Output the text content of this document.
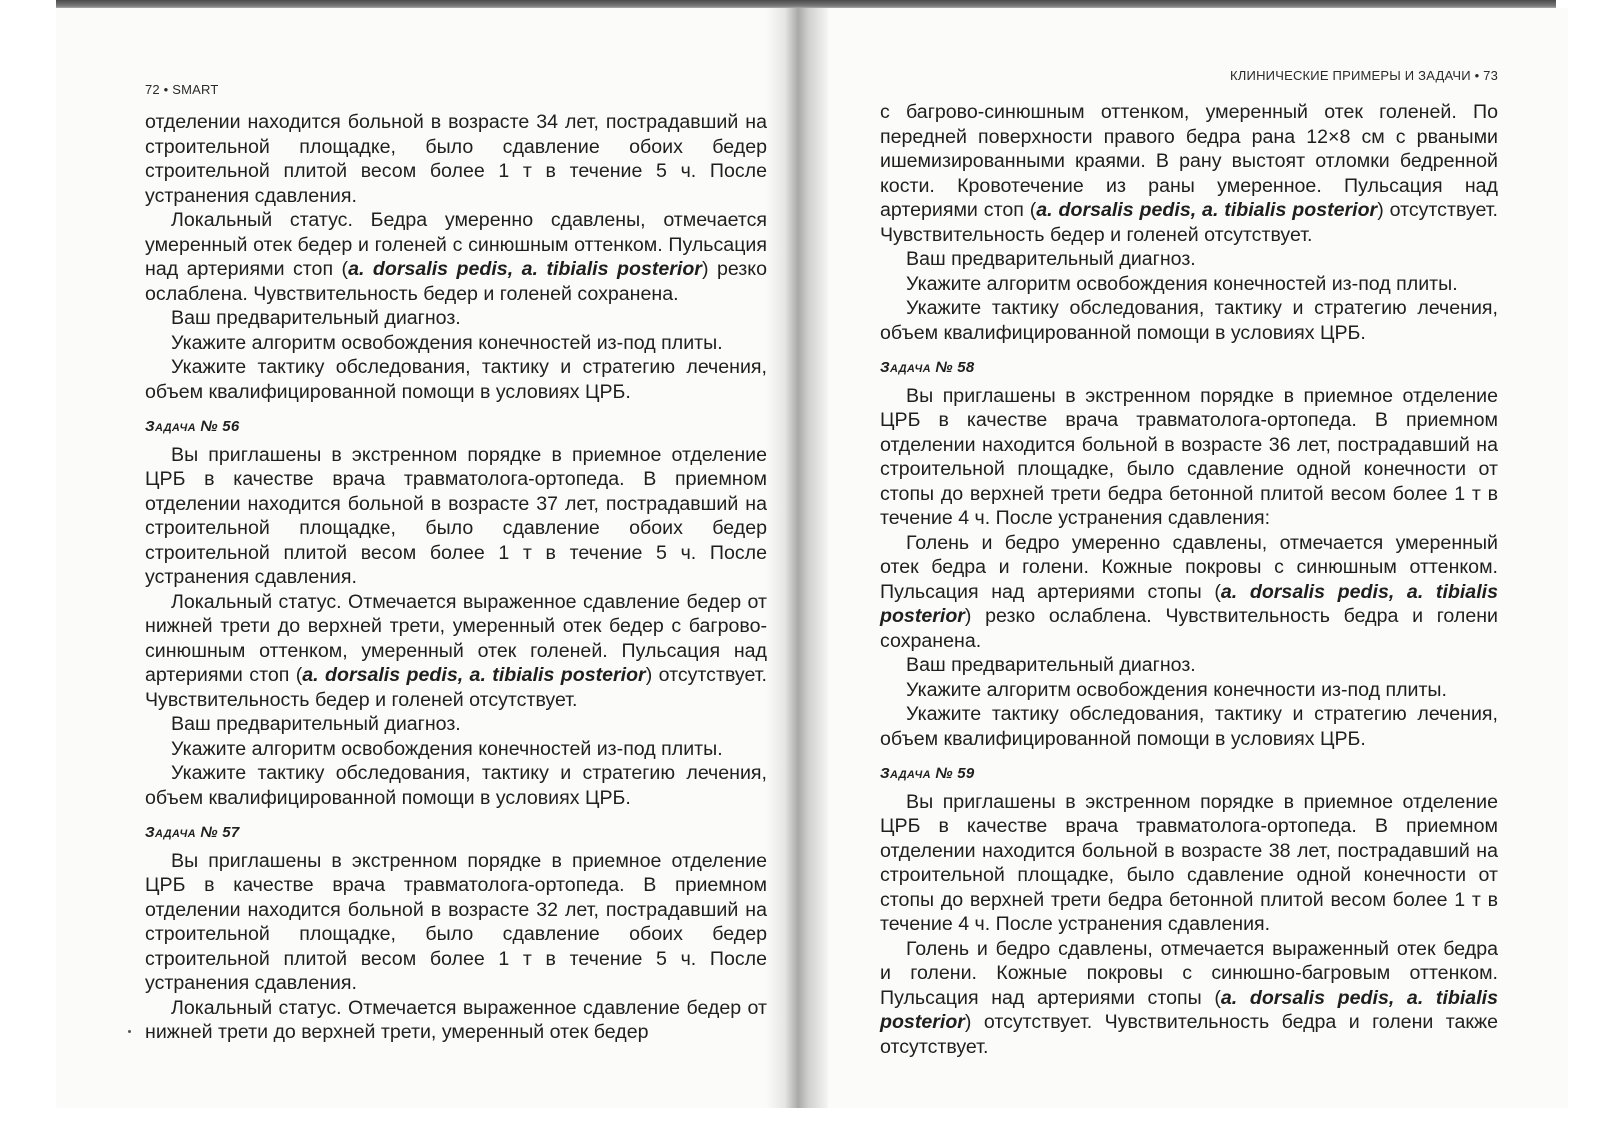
72 • SMART

отделении находится больной в возрасте 34 лет, пострадавший на строительной площадке, было сдавление обоих бедер строительной плитой весом более 1 т в течение 5 ч. После устранения сдавления.

Локальный статус. Бедра умеренно сдавлены, отмечается умеренный отек бедер и голеней с синюшным оттенком. Пульсация над артериями стоп (a. dorsalis pedis, a. tibialis posterior) резко ослаблена. Чувствительность бедер и голеней сохранена.

Ваш предварительный диагноз.

Укажите алгоритм освобождения конечностей из-под плиты.

Укажите тактику обследования, тактику и стратегию лечения, объем квалифицированной помощи в условиях ЦРБ.

Задача № 56

Вы приглашены в экстренном порядке в приемное отделение ЦРБ в качестве врача травматолога-ортопеда. В приемном отделении находится больной в возрасте 37 лет, пострадавший на строительной площадке, было сдавление обоих бедер строительной плитой весом более 1 т в течение 5 ч. После устранения сдавления.

Локальный статус. Отмечается выраженное сдавление бедер от нижней трети до верхней трети, умеренный отек бедер с багрово-синюшным оттенком, умеренный отек голеней. Пульсация над артериями стоп (a. dorsalis pedis, a. tibialis posterior) отсутствует. Чувствительность бедер и голеней отсутствует.

Ваш предварительный диагноз.

Укажите алгоритм освобождения конечностей из-под плиты.

Укажите тактику обследования, тактику и стратегию лечения, объем квалифицированной помощи в условиях ЦРБ.

Задача № 57

Вы приглашены в экстренном порядке в приемное отделение ЦРБ в качестве врача травматолога-ортопеда. В приемном отделении находится больной в возрасте 32 лет, пострадавший на строительной площадке, было сдавление обоих бедер строительной плитой весом более 1 т в течение 5 ч. После устранения сдавления.

Локальный статус. Отмечается выраженное сдавление бедер от нижней трети до верхней трети, умеренный отек бедер

КЛИНИЧЕСКИЕ ПРИМЕРЫ И ЗАДАЧИ • 73

с багрово-синюшным оттенком, умеренный отек голеней. По передней поверхности правого бедра рана 12×8 см с рваными ишемизированными краями. В рану выстоят отломки бедренной кости. Кровотечение из раны умеренное. Пульсация над артериями стоп (a. dorsalis pedis, a. tibialis posterior) отсутствует. Чувствительность бедер и голеней отсутствует.

Ваш предварительный диагноз.

Укажите алгоритм освобождения конечностей из-под плиты.

Укажите тактику обследования, тактику и стратегию лечения, объем квалифицированной помощи в условиях ЦРБ.

Задача № 58

Вы приглашены в экстренном порядке в приемное отделение ЦРБ в качестве врача травматолога-ортопеда. В приемном отделении находится больной в возрасте 36 лет, пострадавший на строительной площадке, было сдавление одной конечности от стопы до верхней трети бедра бетонной плитой весом более 1 т в течение 4 ч. После устранения сдавления:

Голень и бедро умеренно сдавлены, отмечается умеренный отек бедра и голени. Кожные покровы с синюшным оттенком. Пульсация над артериями стопы (a. dorsalis pedis, a. tibialis posterior) резко ослаблена. Чувствительность бедра и голени сохранена.

Ваш предварительный диагноз.

Укажите алгоритм освобождения конечности из-под плиты.

Укажите тактику обследования, тактику и стратегию лечения, объем квалифицированной помощи в условиях ЦРБ.

Задача № 59

Вы приглашены в экстренном порядке в приемное отделение ЦРБ в качестве врача травматолога-ортопеда. В приемном отделении находится больной в возрасте 38 лет, пострадавший на строительной площадке, было сдавление одной конечности от стопы до верхней трети бедра бетонной плитой весом более 1 т в течение 4 ч. После устранения сдавления.

Голень и бедро сдавлены, отмечается выраженный отек бедра и голени. Кожные покровы с синюшно-багровым оттенком. Пульсация над артериями стопы (a. dorsalis pedis, a. tibialis posterior) отсутствует. Чувствительность бедра и голени также отсутствует.
